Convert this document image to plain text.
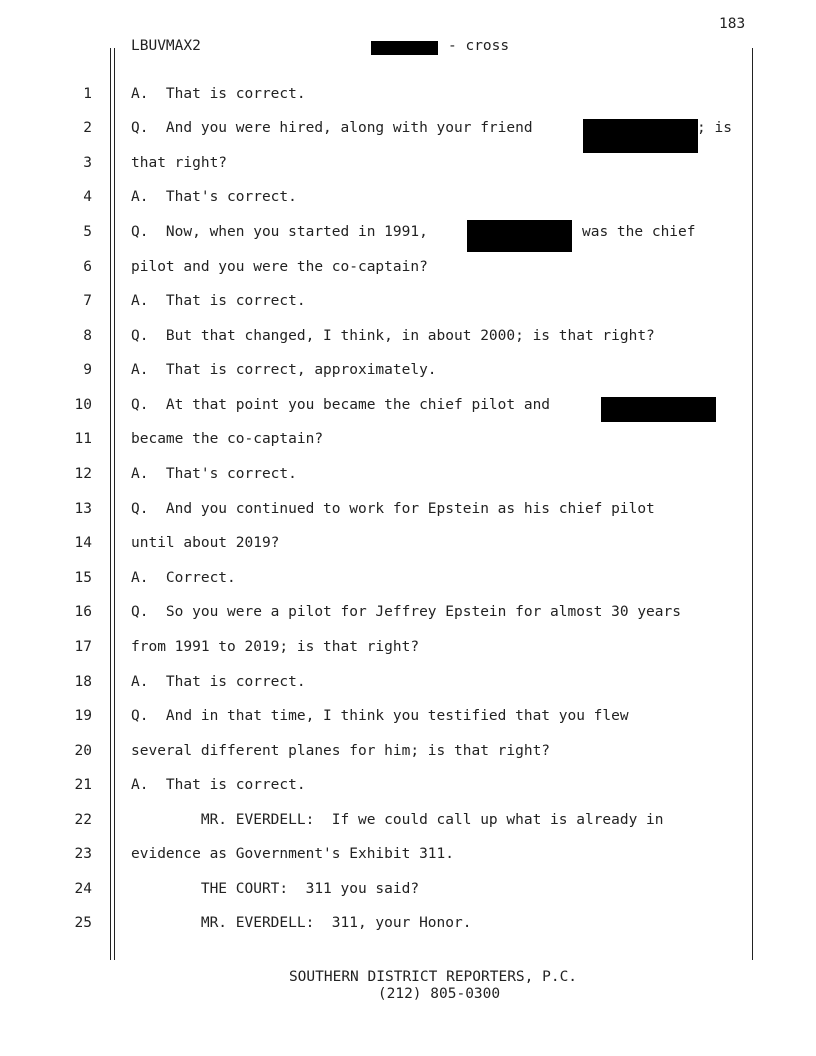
183
LBUVMAX2	- cross
1	A.  That is correct.
2	Q.  And you were hired, along with your friend	; is
3	that right?
4	A.  That's correct.
5	Q.  Now, when you started in 1991,	was the chief
6	pilot and you were the co-captain?
7	A.  That is correct.
8	Q.  But that changed, I think, in about 2000; is that right?
9	A.  That is correct, approximately.
10	Q.  At that point you became the chief pilot and
11	became the co-captain?
12	A.  That's correct.
13	Q.  And you continued to work for Epstein as his chief pilot
14	until about 2019?
15	A.  Correct.
16	Q.  So you were a pilot for Jeffrey Epstein for almost 30 years
17	from 1991 to 2019; is that right?
18	A.  That is correct.
19	Q.  And in that time, I think you testified that you flew
20	several different planes for him; is that right?
21	A.  That is correct.
22	MR. EVERDELL:  If we could call up what is already in
23	evidence as Government's Exhibit 311.
24	THE COURT:  311 you said?
25	MR. EVERDELL:  311, your Honor.
SOUTHERN DISTRICT REPORTERS, P.C.
(212) 805-0300
